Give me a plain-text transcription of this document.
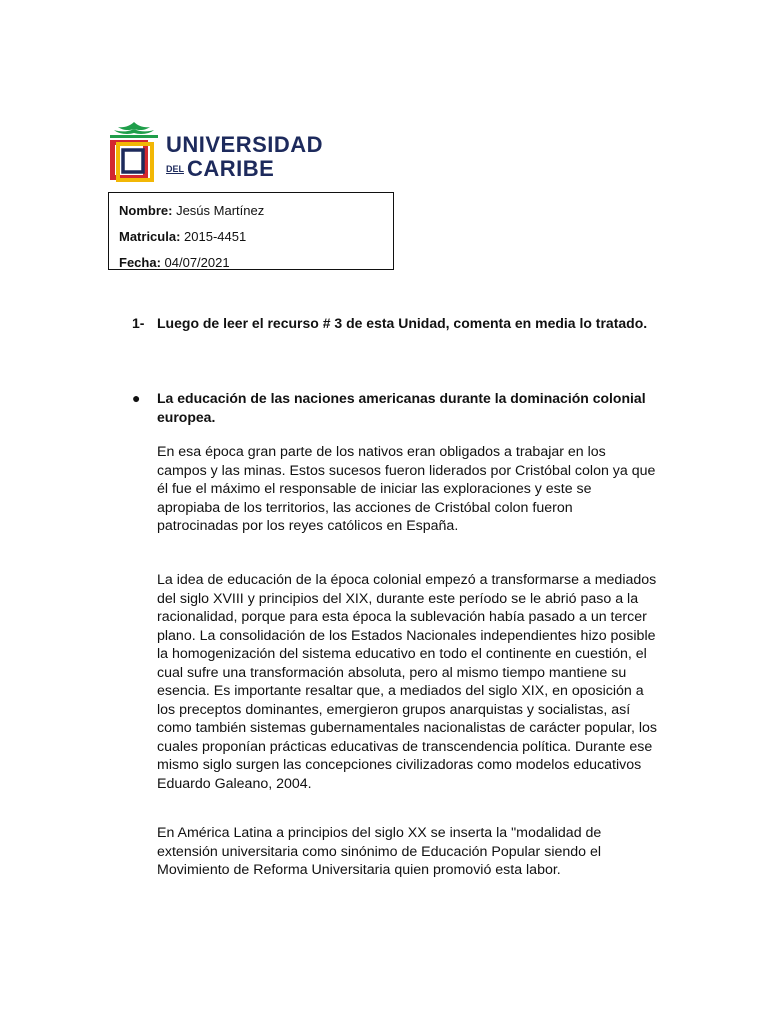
UNIVERSIDAD
DEL CARIBE
Nombre: Jesús Martínez
Matricula: 2015-4451
Fecha: 04/07/2021
1- Luego de leer el recurso # 3 de esta Unidad, comenta en media lo tratado.
●	La educación de las naciones americanas durante la dominación colonial europea.

En esa época gran parte de los nativos eran obligados a trabajar en los campos y las minas. Estos sucesos fueron liderados por Cristóbal colon ya que él fue el máximo el responsable de iniciar las exploraciones y este se apropiaba de los territorios, las acciones de Cristóbal colon fueron patrocinadas por los reyes católicos en España.

La idea de educación de la época colonial empezó a transformarse a mediados del siglo XVIII y principios del XIX, durante este período se le abrió paso a la racionalidad, porque para esta época la sublevación había pasado a un tercer plano. La consolidación de los Estados Nacionales independientes hizo posible la homogenización del sistema educativo en todo el continente en cuestión, el cual sufre una transformación absoluta, pero al mismo tiempo mantiene su esencia. Es importante resaltar que, a mediados del siglo XIX, en oposición a los preceptos dominantes, emergieron grupos anarquistas y socialistas, así como también sistemas gubernamentales nacionalistas de carácter popular, los cuales proponían prácticas educativas de transcendencia política. Durante ese mismo siglo surgen las concepciones civilizadoras como modelos educativos Eduardo Galeano, 2004.

En América Latina a principios del siglo XX se inserta la "modalidad de extensión universitaria como sinónimo de Educación Popular siendo el Movimiento de Reforma Universitaria quien promovió esta labor.
